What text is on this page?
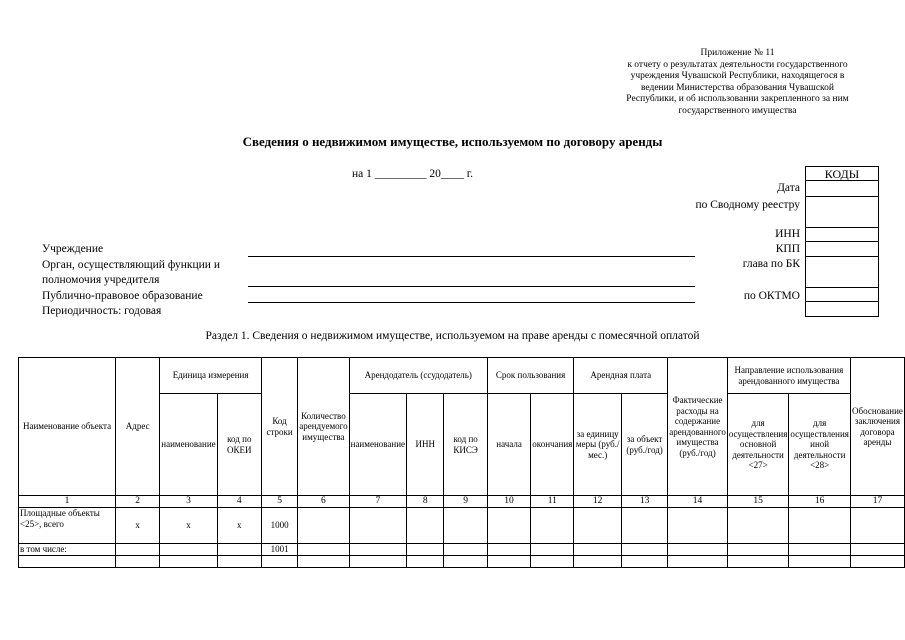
Приложение № 11
к отчету о результатах деятельности государственного
учреждения Чувашской Республики, находящегося в
ведении Министерства образования Чувашской
Республики, и об использовании закрепленного за ним
государственного имущества
Сведения о недвижимом имуществе, используемом по договору аренды
на 1 _________ 20____ г.	КОДЫ
Дата
по Сводному реестру
ИНН
КПП
глава по БК
по ОКТМО
Учреждение
Орган, осуществляющий функции и
полномочия учредителя
Публично-правовое образование
Периодичность: годовая
Раздел 1. Сведения о недвижимом имуществе, используемом на праве аренды с помесячной оплатой
Наименование объекта	Адрес	Единица измерения		Код строки	Количество арендуемого имущества	Арендодатель (ссудодатель)			Срок пользования		Арендная плата		Фактические расходы на содержание арендованного имущества (руб./год)	Направление использования арендованного имущества		Обоснование заключения договора аренды
		наименование	код по ОКЕИ			наименование	ИНН	код по КИСЭ	начала	окончания	за единицу меры (руб./мес.)	за объект (руб./год)		для осуществления основной деятельности <27>	для осуществления иной деятельности <28>	
1	2	3	4	5	6	7	8	9	10	11	12	13	14	15	16	17
Площадные объекты <25>, всего	x	x	x	1000												
в том числе:				1001												
